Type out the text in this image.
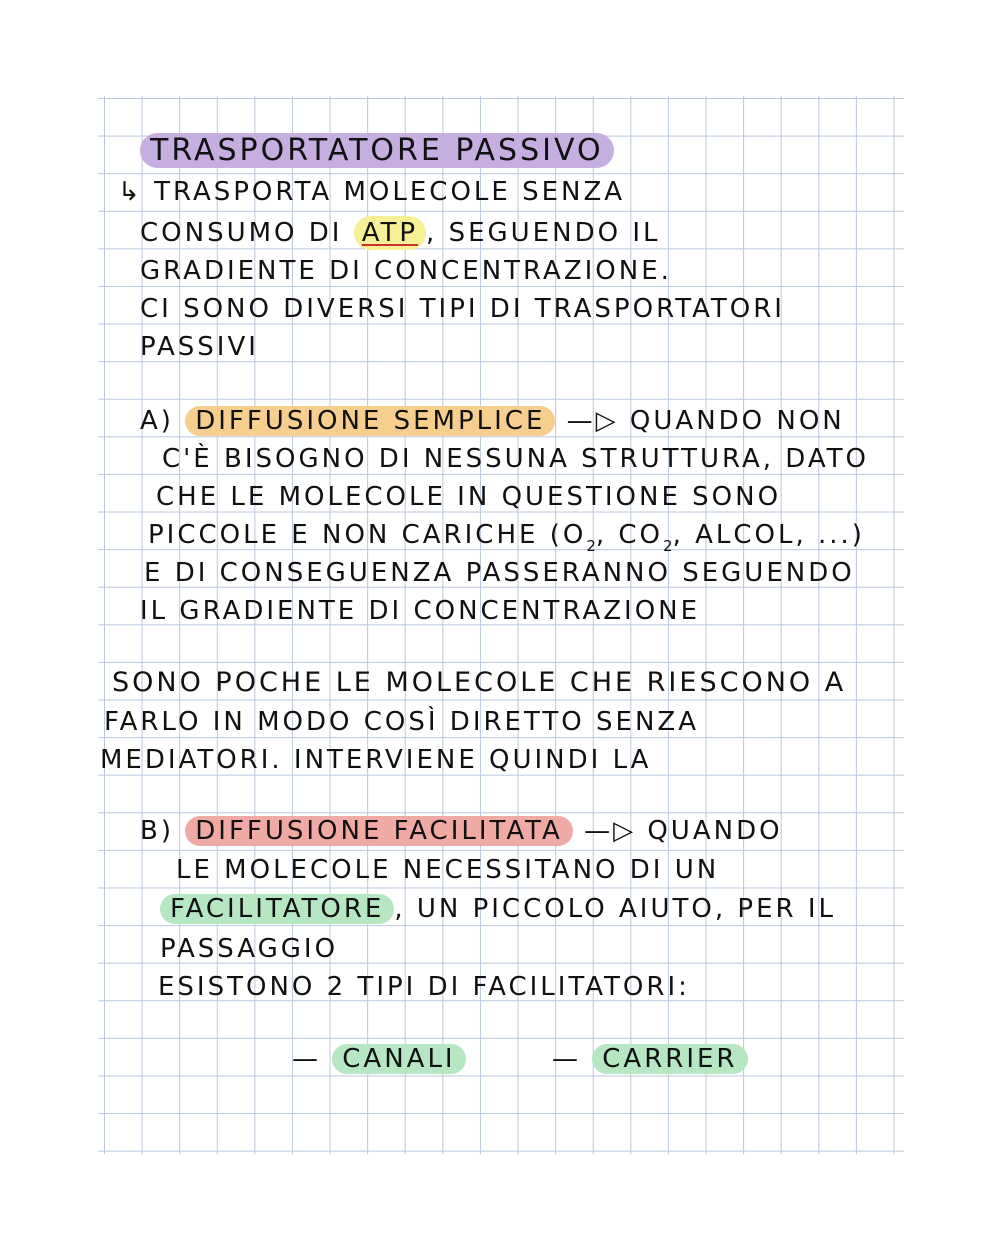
TRASPORTATORE PASSIVO
↳ TRASPORTA MOLECOLE SENZA
CONSUMO DI ATP , SEGUENDO IL
GRADIENTE DI CONCENTRAZIONE.
CI SONO DIVERSI TIPI DI TRASPORTATORI
PASSIVI
A) DIFFUSIONE SEMPLICE —▷ QUANDO NON
C'È BISOGNO DI NESSUNA STRUTTURA, DATO
CHE LE MOLECOLE IN QUESTIONE SONO
PICCOLE E NON CARICHE ($O_2$, $CO_2$, ALCOL, ...)
E DI CONSEGUENZA PASSERANNO SEGUENDO
IL GRADIENTE DI CONCENTRAZIONE
SONO POCHE LE MOLECOLE CHE RIESCONO A
FARLO IN MODO COSÌ DIRETTO SENZA
MEDIATORI. INTERVIENE QUINDI LA
B) DIFFUSIONE FACILITATA —▷ QUANDO
LE MOLECOLE NECESSITANO DI UN
FACILITATORE , UN PICCOLO AIUTO, PER IL
PASSAGGIO
ESISTONO 2 TIPI DI FACILITATORI:
— CANALI	— CARRIER
